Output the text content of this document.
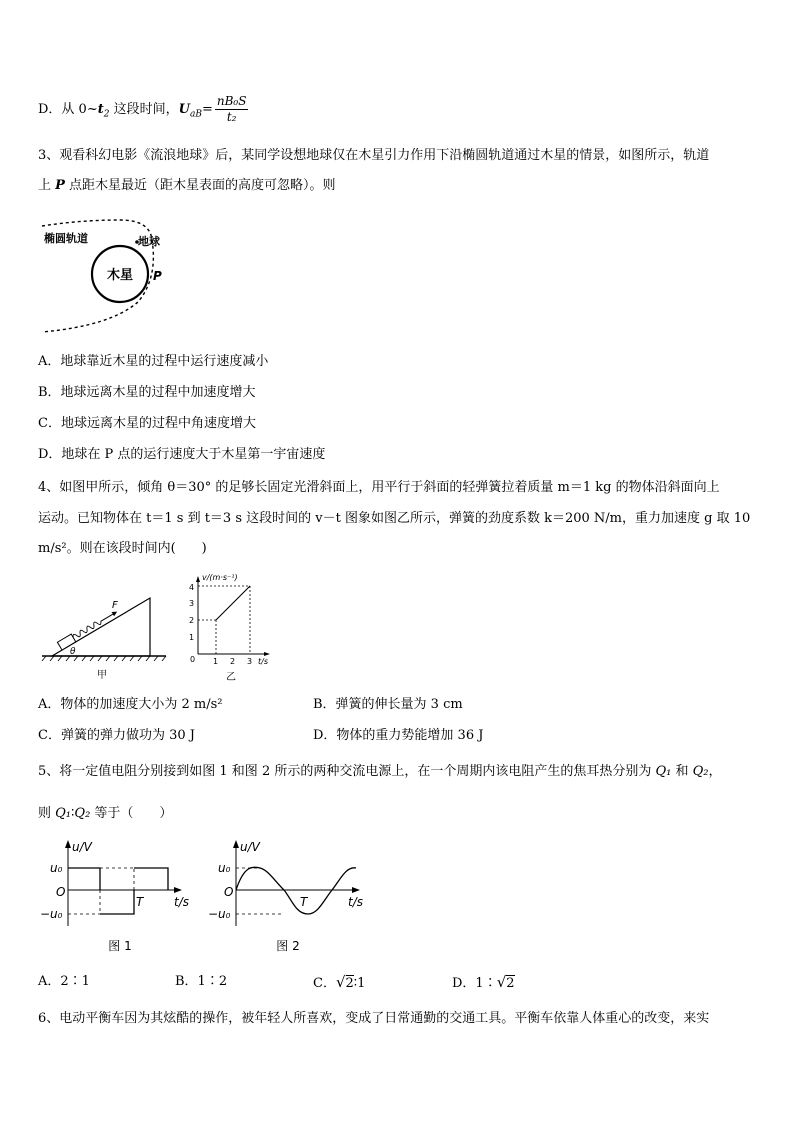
D．从 $0\sim t_2$ 这段时间，$U_{aB}= \frac{\text{nB₀S}}{\text{t₂}}$
3、观看科幻电影《流浪地球》后，某同学设想地球仅在木星引力作用下沿椭圆轨道通过木星的情景，如图所示，轨道
上 P 点距木星最近（距木星表面的高度可忽略）。则
木星
椭圆轨道	地球
P
A．地球靠近木星的过程中运行速度减小
B．地球远离木星的过程中加速度增大
C．地球远离木星的过程中角速度增大
D．地球在 P 点的运行速度大于木星第一宇宙速度
4、如图甲所示，倾角 θ＝30° 的足够长固定光滑斜面上，用平行于斜面的轻弹簧拉着质量 m＝1 kg 的物体沿斜面向上
运动。已知物体在 t＝1 s 到 t＝3 s 这段时间的 v－t 图象如图乙所示，弹簧的劲度系数 k＝200 N/m，重力加速度 g 取 10
m/s²。则在该段时间内(　　)
F
θ
甲
v/(m·s⁻¹)
t/s
4
3
2
1
0 1 2 3
乙
A．物体的加速度大小为 2 m/s²	B．弹簧的伸长量为 3 cm
C．弹簧的弹力做功为 30 J	D．物体的重力势能增加 36 J
5、将一定值电阻分别接到如图 1 和图 2 所示的两种交流电源上，在一个周期内该电阻产生的焦耳热分别为 Q₁ 和 Q₂，
则 Q₁∶Q₂ 等于（　　）
u/V
t/s
u₀
−u₀
O
T
图 1
u/V
t/s
u₀
−u₀
O
T
图 2
A．2∶1	B．1∶2	C．√2∶1	D．1∶√2
6、电动平衡车因为其炫酷的操作，被年轻人所喜欢，变成了日常通勤的交通工具。平衡车依靠人体重心的改变，来实
